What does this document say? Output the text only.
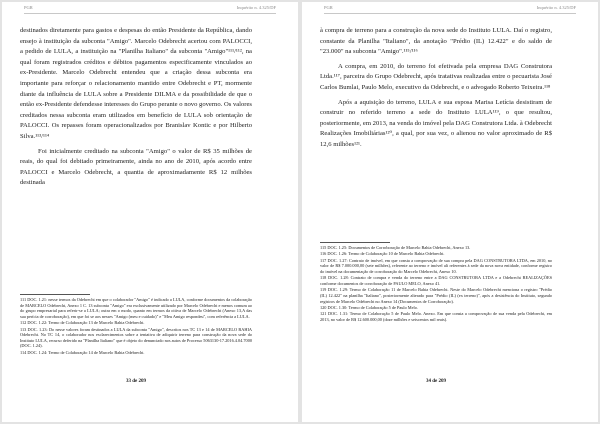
PGR	Inquérito n. 4.325/DF

destinados diretamente para gastos e despesas do então Presidente da República, dando ensejo à instituição da subconta "Amigo". Marcelo Odebrecht acertou com PALOCCI, a pedido de LULA, a instituição na "Planilha Italiano" da subconta "Amigo"¹¹¹/¹¹², na qual foram registrados créditos e débitos pagamentos especificamente vinculados ao ex-Presidente. Marcelo Odebrecht entendeu que a criação dessa subconta era importante para reforçar o relacionamento mantido entre Odebrecht e PT, mormente diante da influência de LULA sobre a Presidente DILMA e da possibilidade de que o então ex-Presidente defendesse interesses do Grupo perante o novo governo. Os valores creditados nessa subconta eram utilizados em benefício de LULA sob orientação de PALOCCI. Os repasses foram operacionalizados por Branislav Kontic e por Hilberto Silva.¹¹³/¹¹⁴

Foi inicialmente creditado na subconta "Amigo" o valor de R$ 35 milhões de reais, do qual foi debitado primeiramente, ainda no ano de 2010, após acordo entre PALOCCI e Marcelo Odebrecht, a quantia de aproximadamente R$ 12 milhões destinada

111 DOC. 1.21: nesse termos da Odebrecht em que o colaborador "Amigo" é indicado a LULA, conforme documentos da colaboração de MARCELO Odebrecht, Anexo 1 C. 13 subconta "Amigo" era exclusivamente utilizado por Marcelo Odebrecht e menos comum ao do grupo empresarial para referir-se a LULA; outra em o modo, quanto em termos da oitiva de Marcelo Odebrecht (Anexo 13,A das sua perícia de corroboração), em que foi se aos nesses "Amigo (meu e cuidado)" e "Meu Amigo respondeu", com referência a LULA.
112 DOC. 1.22: Termo de Colaboração 13 de Marcelo Bahia Odebrecht.
113 DOC. 1.23: Do nesse valores foram destinados a LULA da subconta "Amigo", descritos nos TC 13 e 14 de MARCELO BAHIA Odebrecht. No TC 14, o colaborador nos esclarecimentos sobre a tentativa de adiquirir terreno para construção da nova sede do Instituto LULA, recurso deferido na "Planilha Italiano" que é objeto do denunciado nos autos de Processo 5063130-17.2016.4.04.7000 (DOC. 1.24).
114 DOC. 1.24: Termo de Colaboração 14 de Marcelo Bahia Odebrecht.
33 de 209
PGR	Inquérito n. 4.325/DF

à compra de terreno para a construção da nova sede do Instituto LULA. Daí o registro, constante da Planilha "Italiano", da anotação "Prédio (IL) 12.422" e do saldo de "23.000" na subconta "Amigo".¹¹⁵/¹¹⁶

A compra, em 2010, do terreno foi efetivada pela empresa DAG Construtora Ltda.¹¹⁷, parceira do Grupo Odebrecht, após tratativas realizadas entre o pecuarista José Carlos Bumlai, Paulo Melo, executivo da Odebrecht, e o advogado Roberto Teixeira.¹¹⁸

Após a aquisição do terreno, LULA e sua esposa Marisa Letícia desistiram de construir no referido terreno a sede do Instituto LULA¹¹⁹, o que resultou, posteriormente, em 2013, na venda do imóvel pela DAG Construtora Ltda. à Odebrecht Realizações Imobiliárias¹²⁰, a qual, por sua vez, o alienou no valor aproximado de R$ 12,6 milhões¹²¹.

115 DOC. 1.25: Documentos de Corroboração de Marcelo Bahia Odebrecht, Anexo 13.
116 DOC. 1.26: Termo de Colaboração 10 de Marcelo Bahia Odebrecht.
117 DOC. 1.27: Contrato de imóvel, em que consta a comprovação de sua compra pela DAG CONSTRUTORA LTDA, em 2010, no valor de R$ 7.000.000,00 (sete milhões), referente ao terreno e imóvel ali referentes à sede da nova nova entidade, conforme registro do imóvel na documentação de corroboração do Marcelo Odebrecht, Anexo 10.
118 DOC. 1.28: Contrato de compra e venda do terreno entre a DAG CONSTRUTORA LTDA e a Odebrecht REALIZAÇÕES conforme documentos de corroboração de PAULO MELO, Anexo 41.
119 DOC. 1.29: Termo de Colaboração 11 de Marcelo Bahia Odebrecht. Neste do Marcelo Odebrecht menciona o registro "Prédio (IL) 12.422" na planilha "Italiano", posteriormente alterado para "Prédio (IL) (ex terreno)", após a desistência do Instituto, segundo registros de Marcelo Odebrecht no Anexo 14 (Documentos de Corroboração).
120 DOC. 1.30: Termo de Colaboração 5 de Paulo Melo.
121 DOC. 1.31: Termo de Colaboração 5 de Paulo Melo. Anexo. Em que consta a comprovação de sua venda pela Odebrecht, em 2013, no valor de R$ 12.600.000,00 (doze milhões e seiscentos mil reais).
34 de 209
